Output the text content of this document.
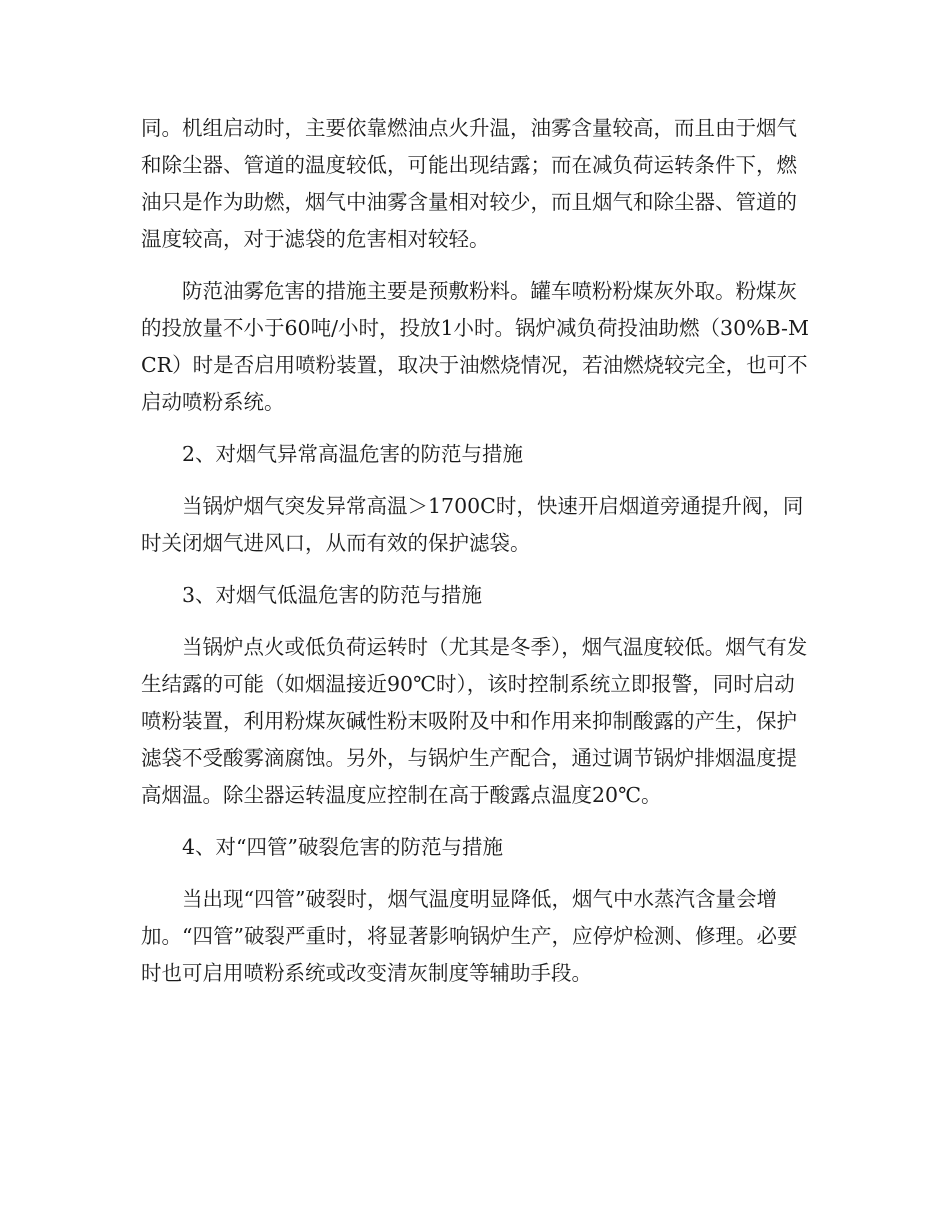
同。机组启动时，主要依靠燃油点火升温，油雾含量较高，而且由于烟气和除尘器、管道的温度较低，可能出现结露；而在减负荷运转条件下，燃油只是作为助燃，烟气中油雾含量相对较少，而且烟气和除尘器、管道的温度较高，对于滤袋的危害相对较轻。

防范油雾危害的措施主要是预敷粉料。罐车喷粉粉煤灰外取。粉煤灰的投放量不小于60吨/小时，投放1小时。锅炉减负荷投油助燃（30%B-MCR）时是否启用喷粉装置，取决于油燃烧情况，若油燃烧较完全，也可不启动喷粉系统。

2、对烟气异常高温危害的防范与措施

当锅炉烟气突发异常高温＞1700C时，快速开启烟道旁通提升阀，同时关闭烟气进风口，从而有效的保护滤袋。

3、对烟气低温危害的防范与措施

当锅炉点火或低负荷运转时（尤其是冬季），烟气温度较低。烟气有发生结露的可能（如烟温接近90℃时），该时控制系统立即报警，同时启动喷粉装置，利用粉煤灰碱性粉末吸附及中和作用来抑制酸露的产生，保护滤袋不受酸雾滴腐蚀。另外，与锅炉生产配合，通过调节锅炉排烟温度提高烟温。除尘器运转温度应控制在高于酸露点温度20℃。

4、对“四管”破裂危害的防范与措施

当出现“四管”破裂时，烟气温度明显降低，烟气中水蒸汽含量会增加。“四管”破裂严重时，将显著影响锅炉生产，应停炉检测、修理。必要时也可启用喷粉系统或改变清灰制度等辅助手段。
